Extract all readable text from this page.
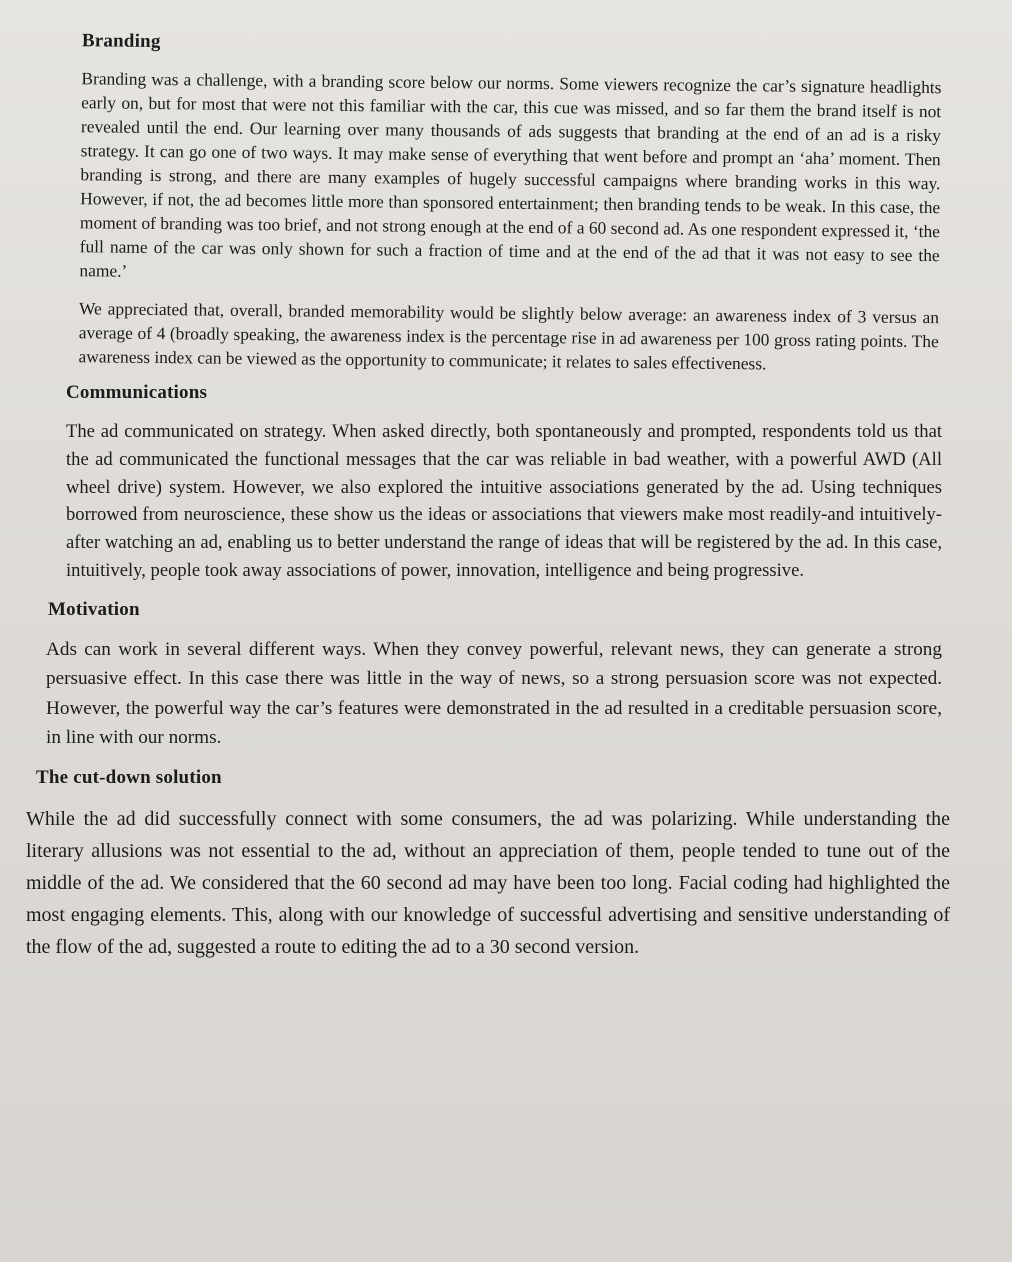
Branding

Branding was a challenge, with a branding score below our norms. Some viewers recognize the car’s signature headlights early on, but for most that were not this familiar with the car, this cue was missed, and so far them the brand itself is not revealed until the end. Our learning over many thousands of ads suggests that branding at the end of an ad is a risky strategy. It can go one of two ways. It may make sense of everything that went before and prompt an ‘aha’ moment. Then branding is strong, and there are many examples of hugely successful campaigns where branding works in this way. However, if not, the ad becomes little more than sponsored entertainment; then branding tends to be weak. In this case, the moment of branding was too brief, and not strong enough at the end of a 60 second ad. As one respondent expressed it, ‘the full name of the car was only shown for such a fraction of time and at the end of the ad that it was not easy to see the name.’

We appreciated that, overall, branded memorability would be slightly below average: an awareness index of 3 versus an average of 4 (broadly speaking, the awareness index is the percentage rise in ad awareness per 100 gross rating points. The awareness index can be viewed as the opportunity to communicate; it relates to sales effectiveness.

Communications

The ad communicated on strategy. When asked directly, both spontaneously and prompted, respondents told us that the ad communicated the functional messages that the car was reliable in bad weather, with a powerful AWD (All wheel drive) system. However, we also explored the intuitive associations generated by the ad. Using techniques borrowed from neuroscience, these show us the ideas or associations that viewers make most readily-and intuitively-after watching an ad, enabling us to better understand the range of ideas that will be registered by the ad. In this case, intuitively, people took away associations of power, innovation, intelligence and being progressive.

Motivation

Ads can work in several different ways. When they convey powerful, relevant news, they can generate a strong persuasive effect. In this case there was little in the way of news, so a strong persuasion score was not expected. However, the powerful way the car’s features were demonstrated in the ad resulted in a creditable persuasion score, in line with our norms.

The cut-down solution

While the ad did successfully connect with some consumers, the ad was polarizing. While understanding the literary allusions was not essential to the ad, without an appreciation of them, people tended to tune out of the middle of the ad. We considered that the 60 second ad may have been too long. Facial coding had highlighted the most engaging elements. This, along with our knowledge of successful advertising and sensitive understanding of the flow of the ad, suggested a route to editing the ad to a 30 second version.
